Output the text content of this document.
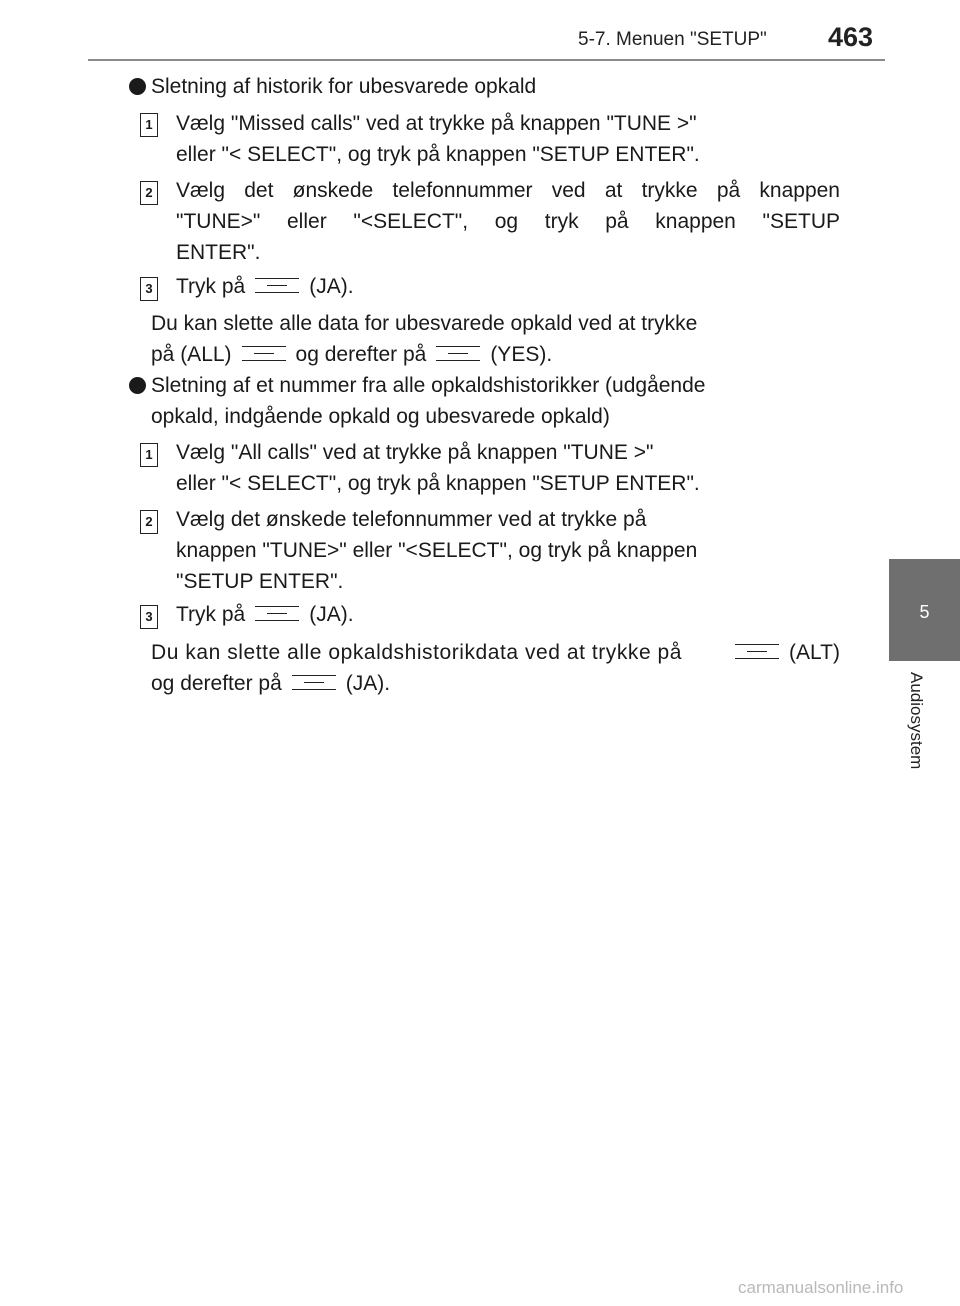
5-7. Menuen "SETUP" 463
5
Audiosystem
Sletning af historik for ubesvarede opkald
1 Vælg "Missed calls" ved at trykke på knappen "TUNE >"
eller "< SELECT", og tryk på knappen "SETUP ENTER".
2 Vælg det ønskede telefonnummer ved at trykke på knappen
"TUNE>" eller "<SELECT", og tryk på knappen "SETUP
ENTER".
3 Tryk på	(JA).
Du kan slette alle data for ubesvarede opkald ved at trykke
på (ALL)	og derefter på	(YES).
Sletning af et nummer fra alle opkaldshistorikker (udgående
opkald, indgående opkald og ubesvarede opkald)
1 Vælg "All calls" ved at trykke på knappen "TUNE >"
eller "< SELECT", og tryk på knappen "SETUP ENTER".
2 Vælg det ønskede telefonnummer ved at trykke på
knappen "TUNE>" eller "<SELECT", og tryk på knappen
"SETUP ENTER".
3 Tryk på	(JA).
Du kan slette alle opkaldshistorikdata ved at trykke på	(ALT)
og derefter på	(JA).
carmanualsonline.info
